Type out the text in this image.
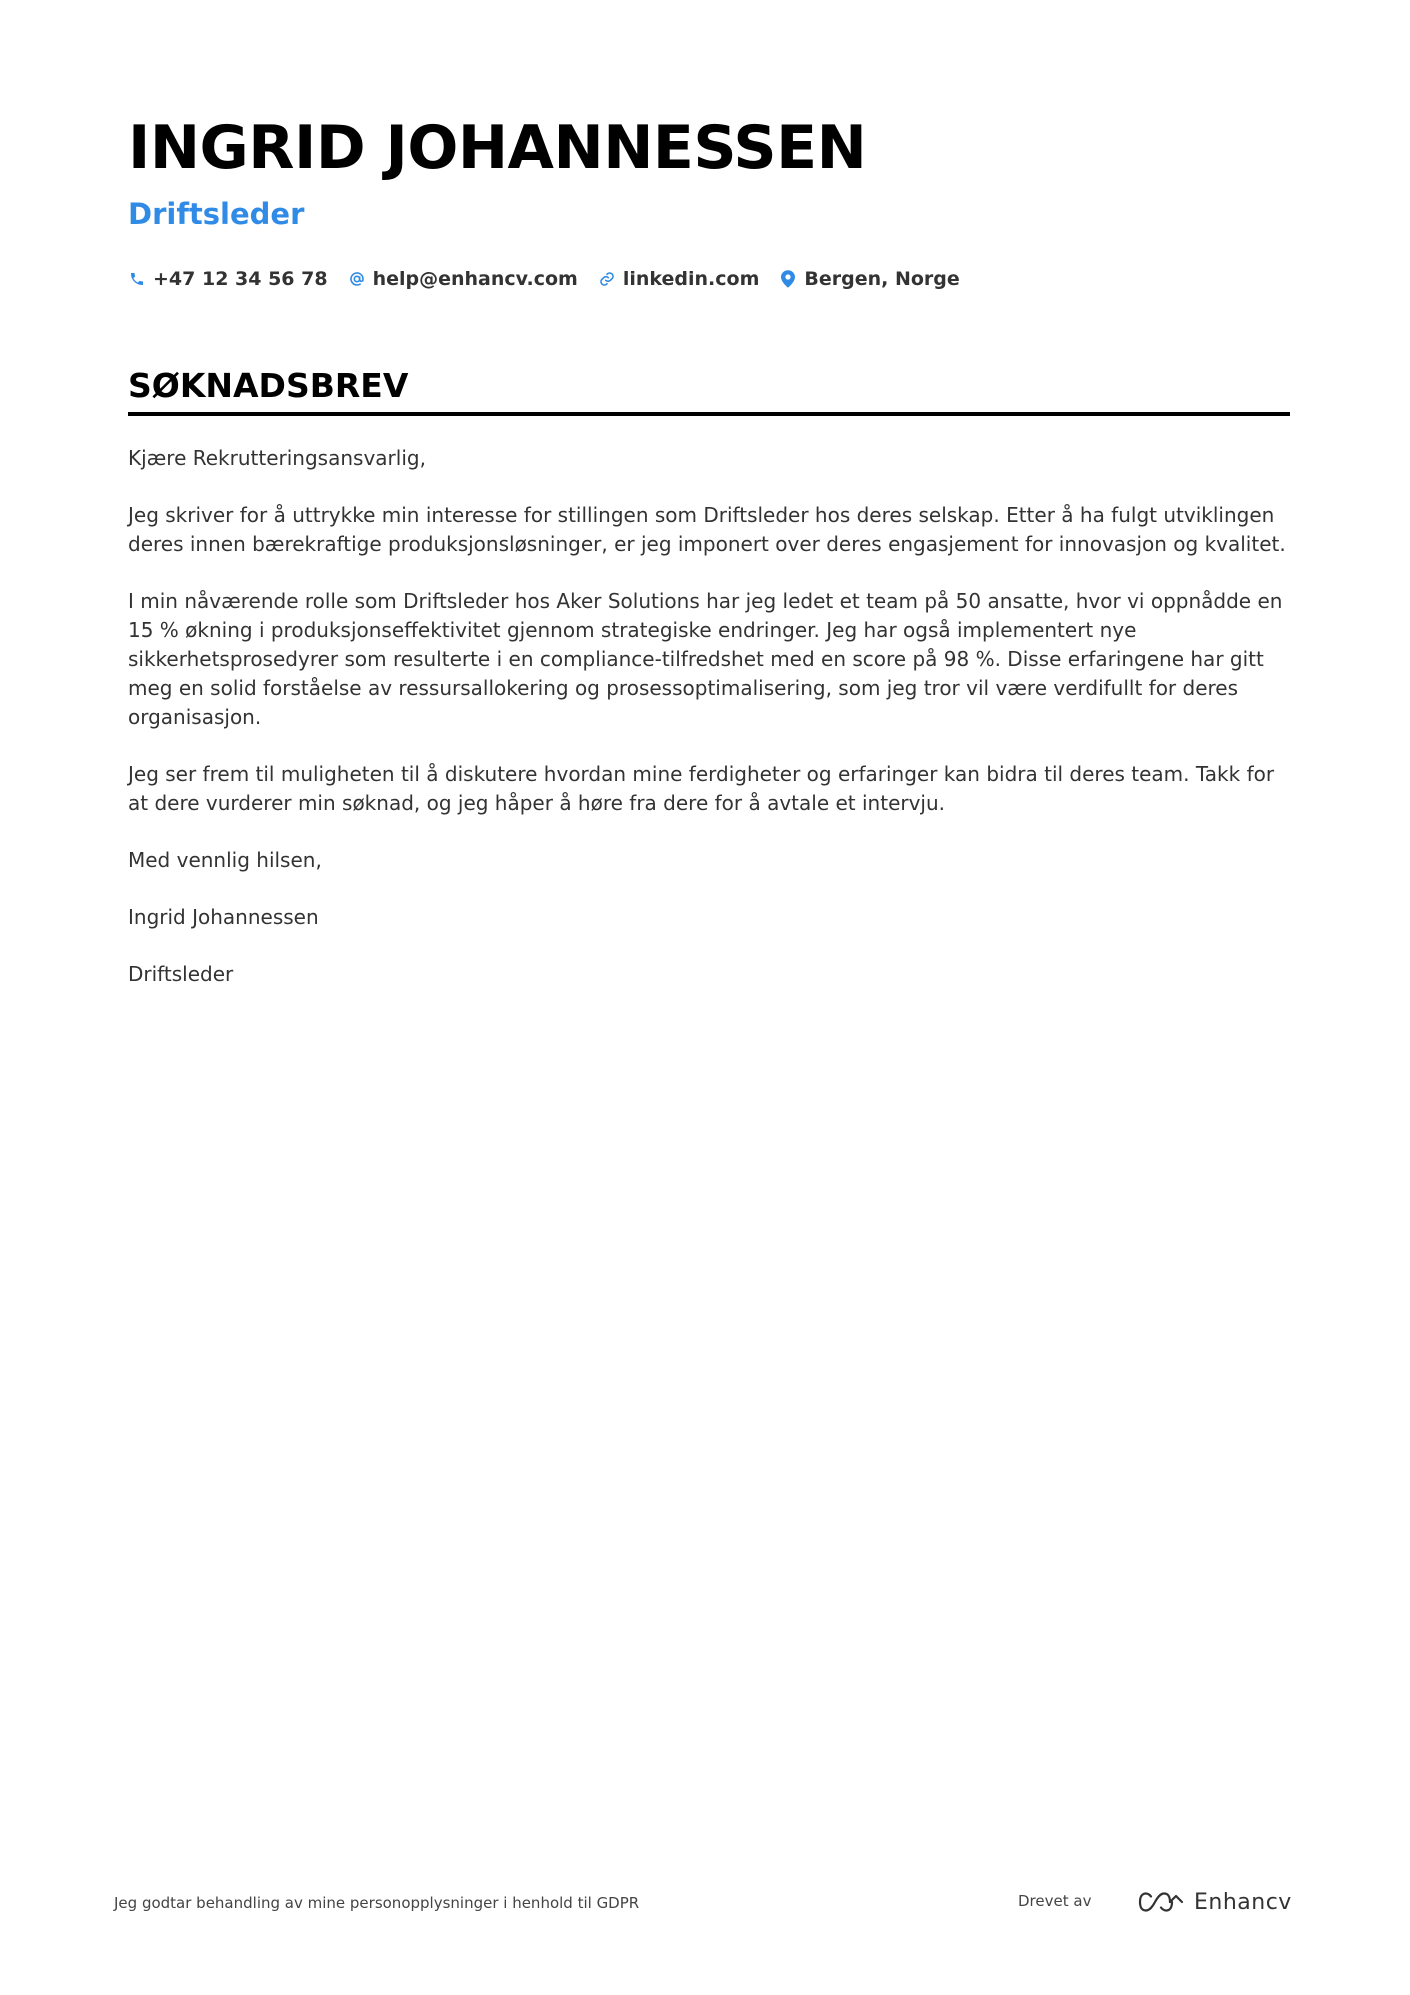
INGRID JOHANNESSEN
Driftsleder
+47 12 34 56 78 help@enhancv.com linkedin.com Bergen, Norge
SØKNADSBREV

Kjære Rekrutteringsansvarlig,

Jeg skriver for å uttrykke min interesse for stillingen som Driftsleder hos deres selskap. Etter å ha fulgt utviklingen deres innen bærekraftige produksjonsløsninger, er jeg imponert over deres engasjement for innovasjon og kvalitet.

I min nåværende rolle som Driftsleder hos Aker Solutions har jeg ledet et team på 50 ansatte, hvor vi oppnådde en 15 % økning i produksjonseffektivitet gjennom strategiske endringer. Jeg har også implementert nye sikkerhetsprosedyrer som resulterte i en compliance-tilfredshet med en score på 98 %. Disse erfaringene har gitt meg en solid forståelse av ressursallokering og prosessoptimalisering, som jeg tror vil være verdifullt for deres organisasjon.

Jeg ser frem til muligheten til å diskutere hvordan mine ferdigheter og erfaringer kan bidra til deres team. Takk for at dere vurderer min søknad, og jeg håper å høre fra dere for å avtale et intervju.

Med vennlig hilsen,

Ingrid Johannessen

Driftsleder

Jeg godtar behandling av mine personopplysninger i henhold til GDPR	Drevet av	Enhancv
